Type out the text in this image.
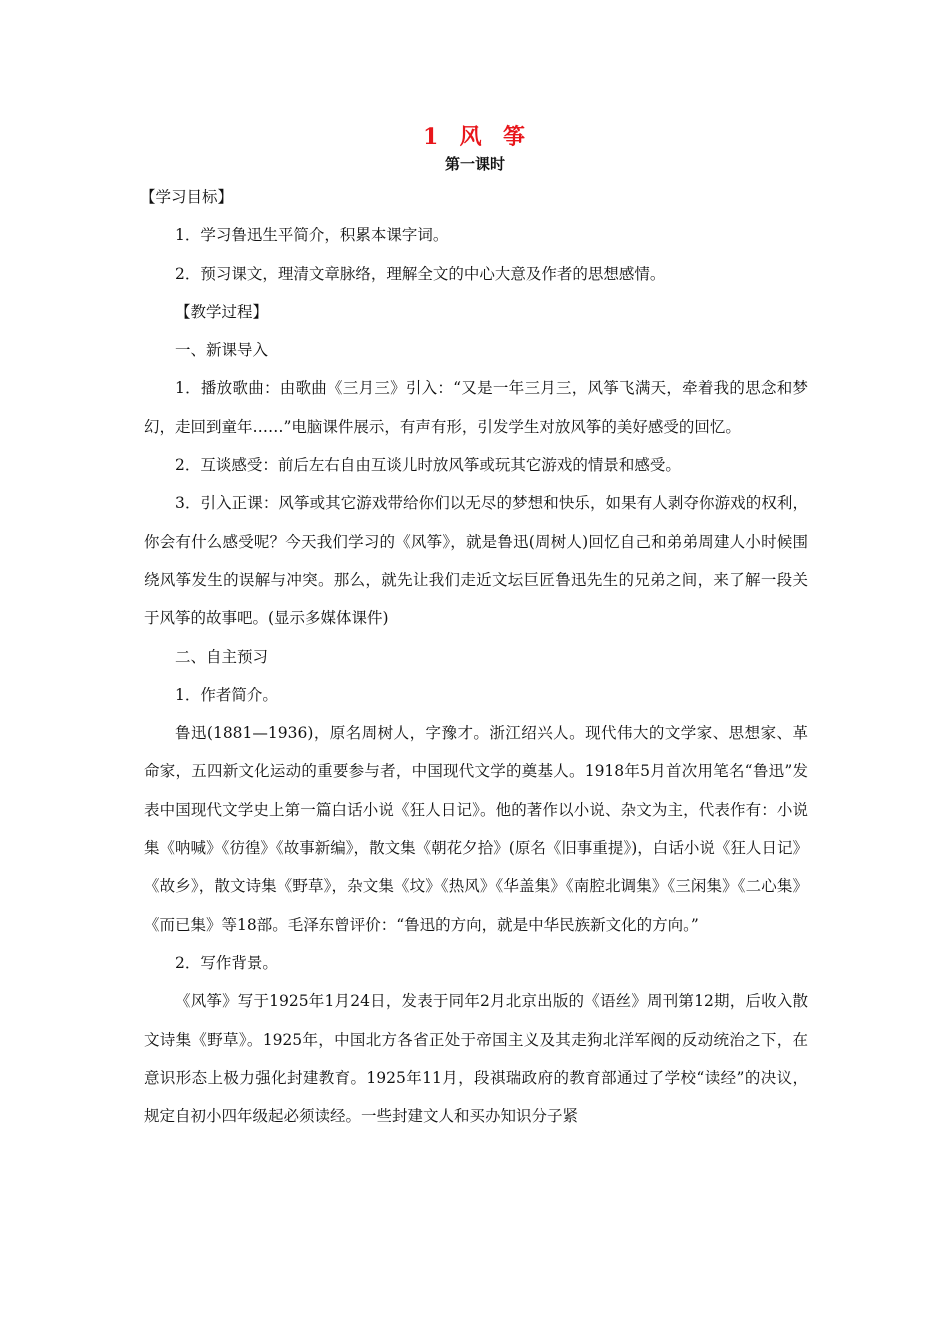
1  风  筝
第一课时

【学习目标】

1．学习鲁迅生平简介，积累本课字词。

2．预习课文，理清文章脉络，理解全文的中心大意及作者的思想感情。

【教学过程】

一、新课导入

1．播放歌曲：由歌曲《三月三》引入：“又是一年三月三，风筝飞满天，牵着我的思念和梦幻，走回到童年……”电脑课件展示，有声有形，引发学生对放风筝的美好感受的回忆。

2．互谈感受：前后左右自由互谈儿时放风筝或玩其它游戏的情景和感受。

3．引入正课：风筝或其它游戏带给你们以无尽的梦想和快乐，如果有人剥夺你游戏的权利，你会有什么感受呢？今天我们学习的《风筝》，就是鲁迅(周树人)回忆自己和弟弟周建人小时候围绕风筝发生的误解与冲突。那么，就先让我们走近文坛巨匠鲁迅先生的兄弟之间，来了解一段关于风筝的故事吧。(显示多媒体课件)

二、自主预习

1．作者简介。

鲁迅(1881—1936)，原名周树人，字豫才。浙江绍兴人。现代伟大的文学家、思想家、革命家，五四新文化运动的重要参与者，中国现代文学的奠基人。1918年5月首次用笔名“鲁迅”发表中国现代文学史上第一篇白话小说《狂人日记》。他的著作以小说、杂文为主，代表作有：小说集《呐喊》《彷徨》《故事新编》，散文集《朝花夕拾》(原名《旧事重提》)，白话小说《狂人日记》《故乡》，散文诗集《野草》，杂文集《坟》《热风》《华盖集》《南腔北调集》《三闲集》《二心集》《而已集》等18部。毛泽东曾评价：“鲁迅的方向，就是中华民族新文化的方向。”

2．写作背景。

《风筝》写于1925年1月24日，发表于同年2月北京出版的《语丝》周刊第12期，后收入散文诗集《野草》。1925年，中国北方各省正处于帝国主义及其走狗北洋军阀的反动统治之下，在意识形态上极力强化封建教育。1925年11月，段祺瑞政府的教育部通过了学校“读经”的决议，规定自初小四年级起必须读经。一些封建文人和买办知识分子紧
